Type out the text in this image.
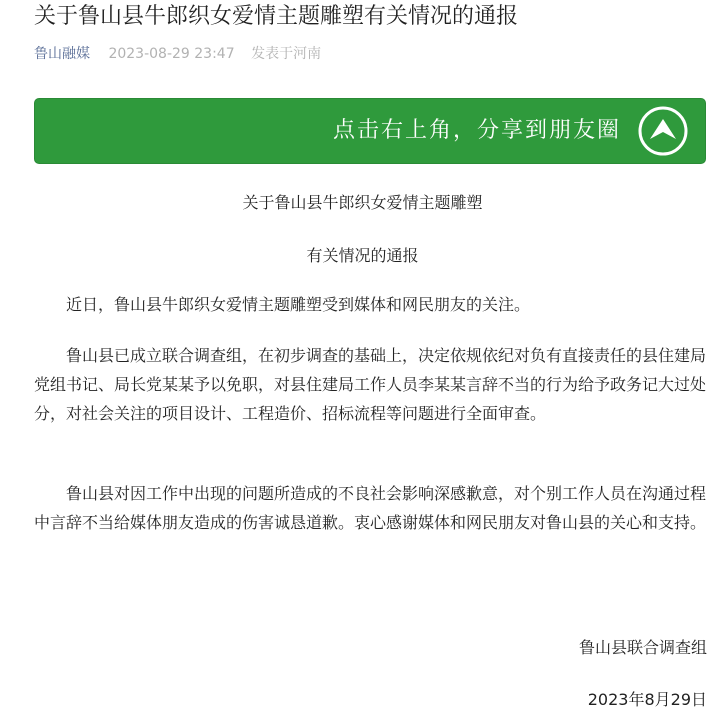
关于鲁山县牛郎织女爱情主题雕塑有关情况的通报
鲁山融媒 2023-08-29 23:47 发表于河南
点击右上角，分享到朋友圈
关于鲁山县牛郎织女爱情主题雕塑
有关情况的通报

近日，鲁山县牛郎织女爱情主题雕塑受到媒体和网民朋友的关注。

鲁山县已成立联合调查组，在初步调查的基础上，决定依规依纪对负有直接责任的县住建局党组书记、局长党某某予以免职，对县住建局工作人员李某某言辞不当的行为给予政务记大过处分，对社会关注的项目设计、工程造价、招标流程等问题进行全面审查。

鲁山县对因工作中出现的问题所造成的不良社会影响深感歉意，对个别工作人员在沟通过程中言辞不当给媒体朋友造成的伤害诚恳道歉。衷心感谢媒体和网民朋友对鲁山县的关心和支持。

鲁山县联合调查组
2023年8月29日
